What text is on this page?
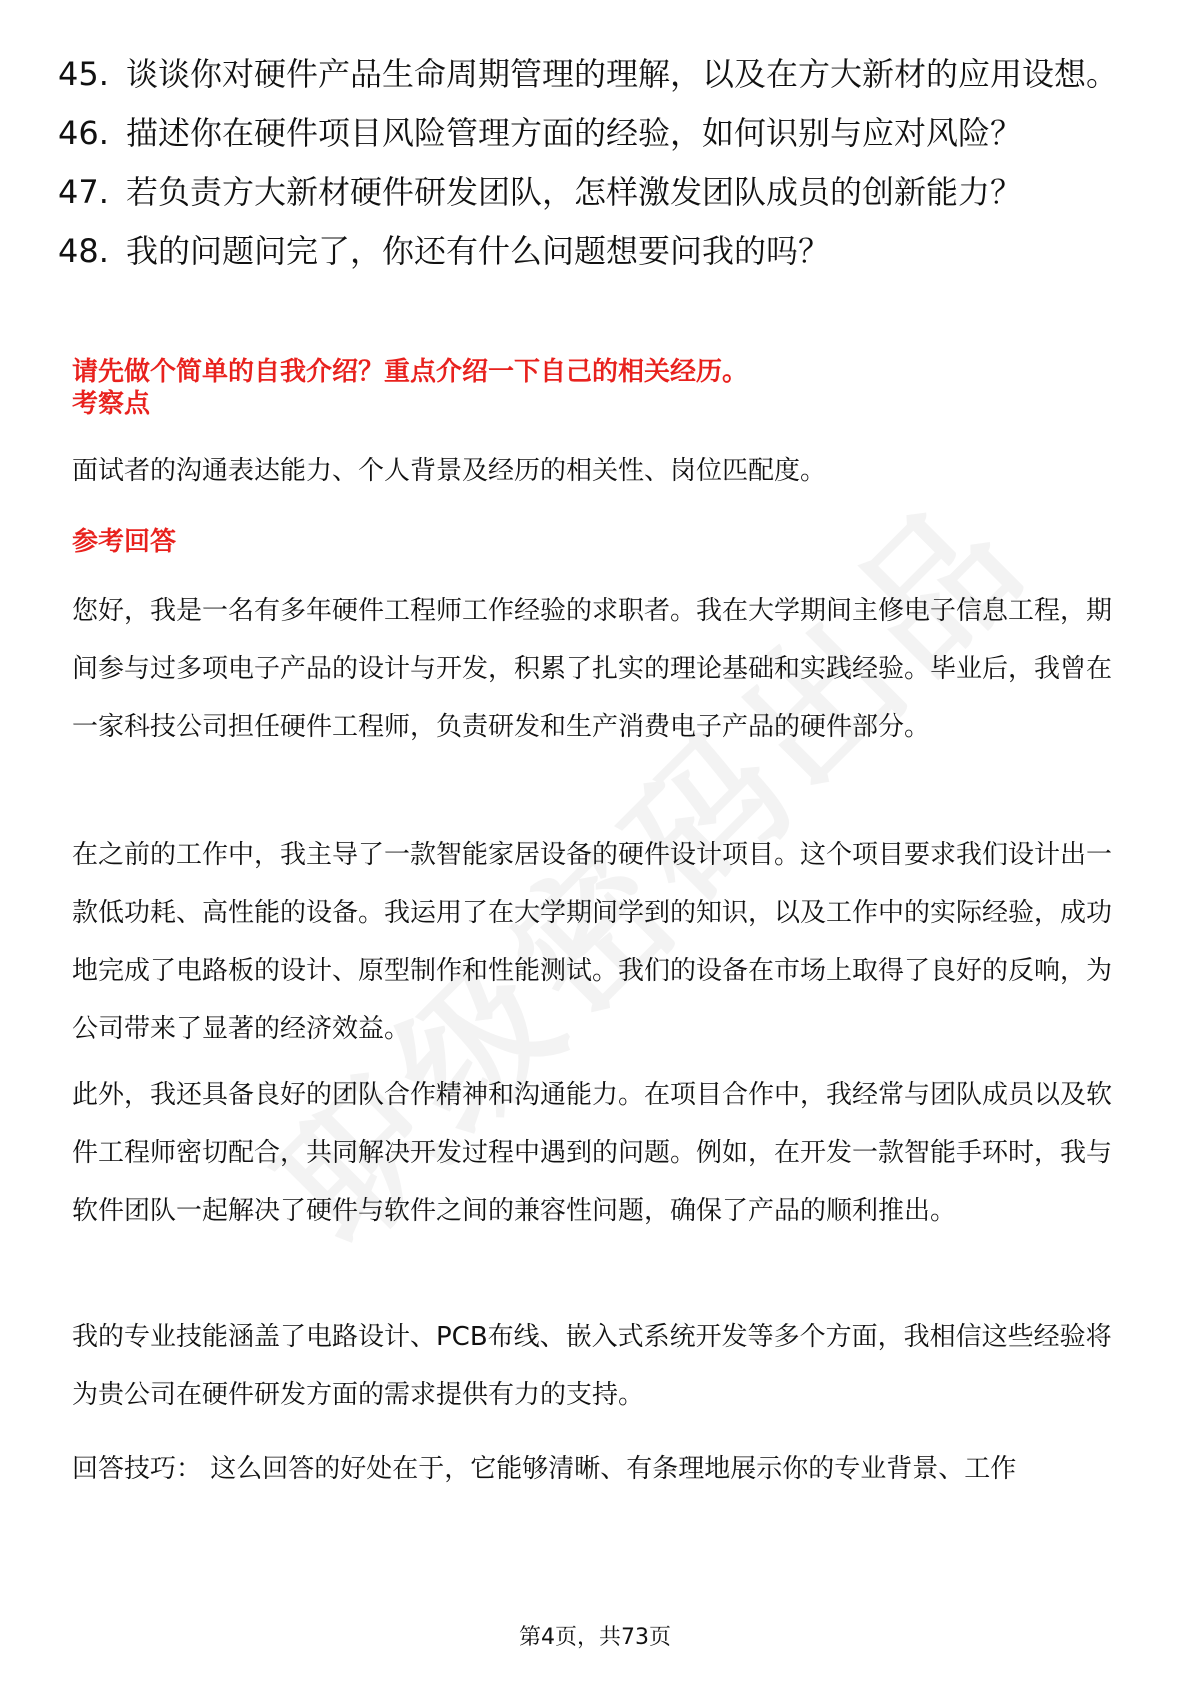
45. 谈谈你对硬件产品生命周期管理的理解，以及在方大新材的应用设想。
46. 描述你在硬件项目风险管理方面的经验，如何识别与应对风险？
47. 若负责方大新材硬件研发团队，怎样激发团队成员的创新能力？
48. 我的问题问完了，你还有什么问题想要问我的吗？
请先做个简单的自我介绍？重点介绍一下自己的相关经历。
考察点

面试者的沟通表达能力、个人背景及经历的相关性、岗位匹配度。

参考回答

您好，我是一名有多年硬件工程师工作经验的求职者。我在大学期间主修电子信息工程，期间参与过多项电子产品的设计与开发，积累了扎实的理论基础和实践经验。毕业后，我曾在一家科技公司担任硬件工程师，负责研发和生产消费电子产品的硬件部分。

在之前的工作中，我主导了一款智能家居设备的硬件设计项目。这个项目要求我们设计出一款低功耗、高性能的设备。我运用了在大学期间学到的知识，以及工作中的实际经验，成功地完成了电路板的设计、原型制作和性能测试。我们的设备在市场上取得了良好的反响，为公司带来了显著的经济效益。

此外，我还具备良好的团队合作精神和沟通能力。在项目合作中，我经常与团队成员以及软件工程师密切配合，共同解决开发过程中遇到的问题。例如，在开发一款智能手环时，我与软件团队一起解决了硬件与软件之间的兼容性问题，确保了产品的顺利推出。

我的专业技能涵盖了电路设计、PCB布线、嵌入式系统开发等多个方面，我相信这些经验将为贵公司在硬件研发方面的需求提供有力的支持。

回答技巧： 这么回答的好处在于，它能够清晰、有条理地展示你的专业背景、工作

第4页，共73页
